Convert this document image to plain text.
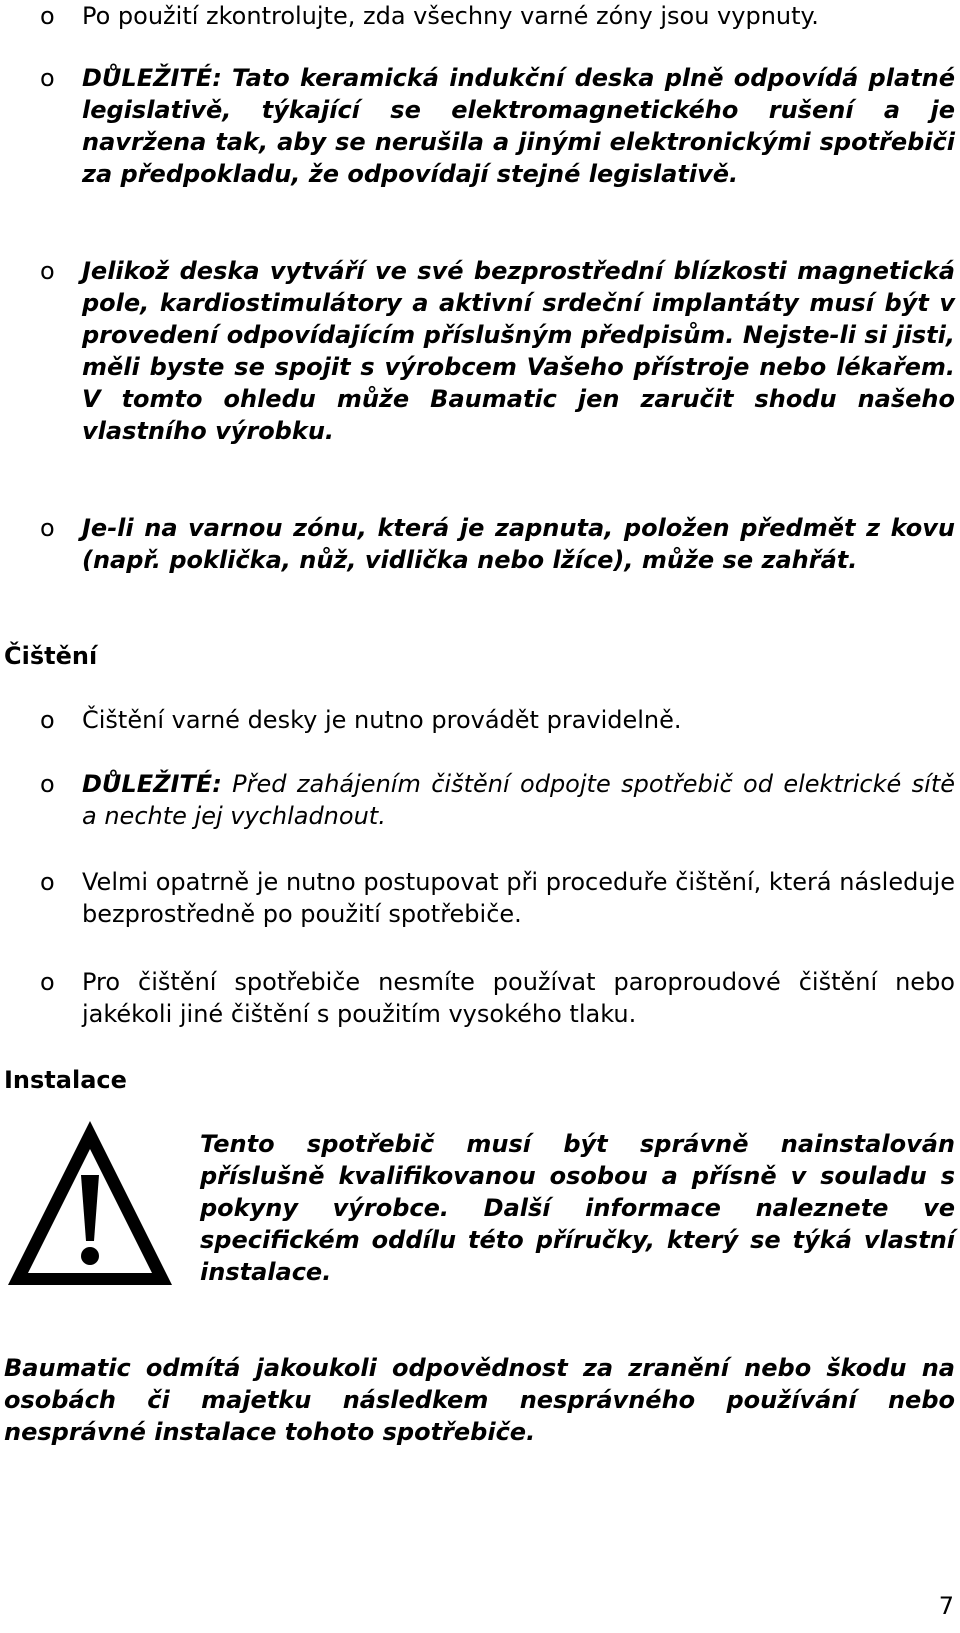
o Po použití zkontrolujte, zda všechny varné zóny jsou vypnuty.
o DŮLEŽITÉ: Tato keramická indukční deska plně odpovídá platné legislativě, týkající se elektromagnetického rušení a je navržena tak, aby se nerušila a jinými elektronickými spotřebiči za předpokladu, že odpovídají stejné legislativě.
o Jelikož deska vytváří ve své bezprostřední blízkosti magnetická pole, kardiostimulátory a aktivní srdeční implantáty musí být v provedení odpovídajícím příslušným předpisům. Nejste-li si jisti, měli byste se spojit s výrobcem Vašeho přístroje nebo lékařem. V tomto ohledu může Baumatic jen zaručit shodu našeho vlastního výrobku.
o Je-li na varnou zónu, která je zapnuta, položen předmět z kovu (např. poklička, nůž, vidlička nebo lžíce), může se zahřát.
Čištění
o Čištění varné desky je nutno provádět pravidelně.
o DŮLEŽITÉ: Před zahájením čištění odpojte spotřebič od elektrické sítě a nechte jej vychladnout.
o Velmi opatrně je nutno postupovat při proceduře čištění, která následuje bezprostředně po použití spotřebiče.
o Pro čištění spotřebiče nesmíte používat paroproudové čištění nebo jakékoli jiné čištění s použitím vysokého tlaku.
Instalace
Tento spotřebič musí být správně nainstalován příslušně kvalifikovanou osobou a přísně v souladu s pokyny výrobce. Další informace naleznete ve specifickém oddílu této příručky, který se týká vlastní instalace.
Baumatic odmítá jakoukoli odpovědnost za zranění nebo škodu na osobách či majetku následkem nesprávného používání nebo nesprávné instalace tohoto spotřebiče.
7
